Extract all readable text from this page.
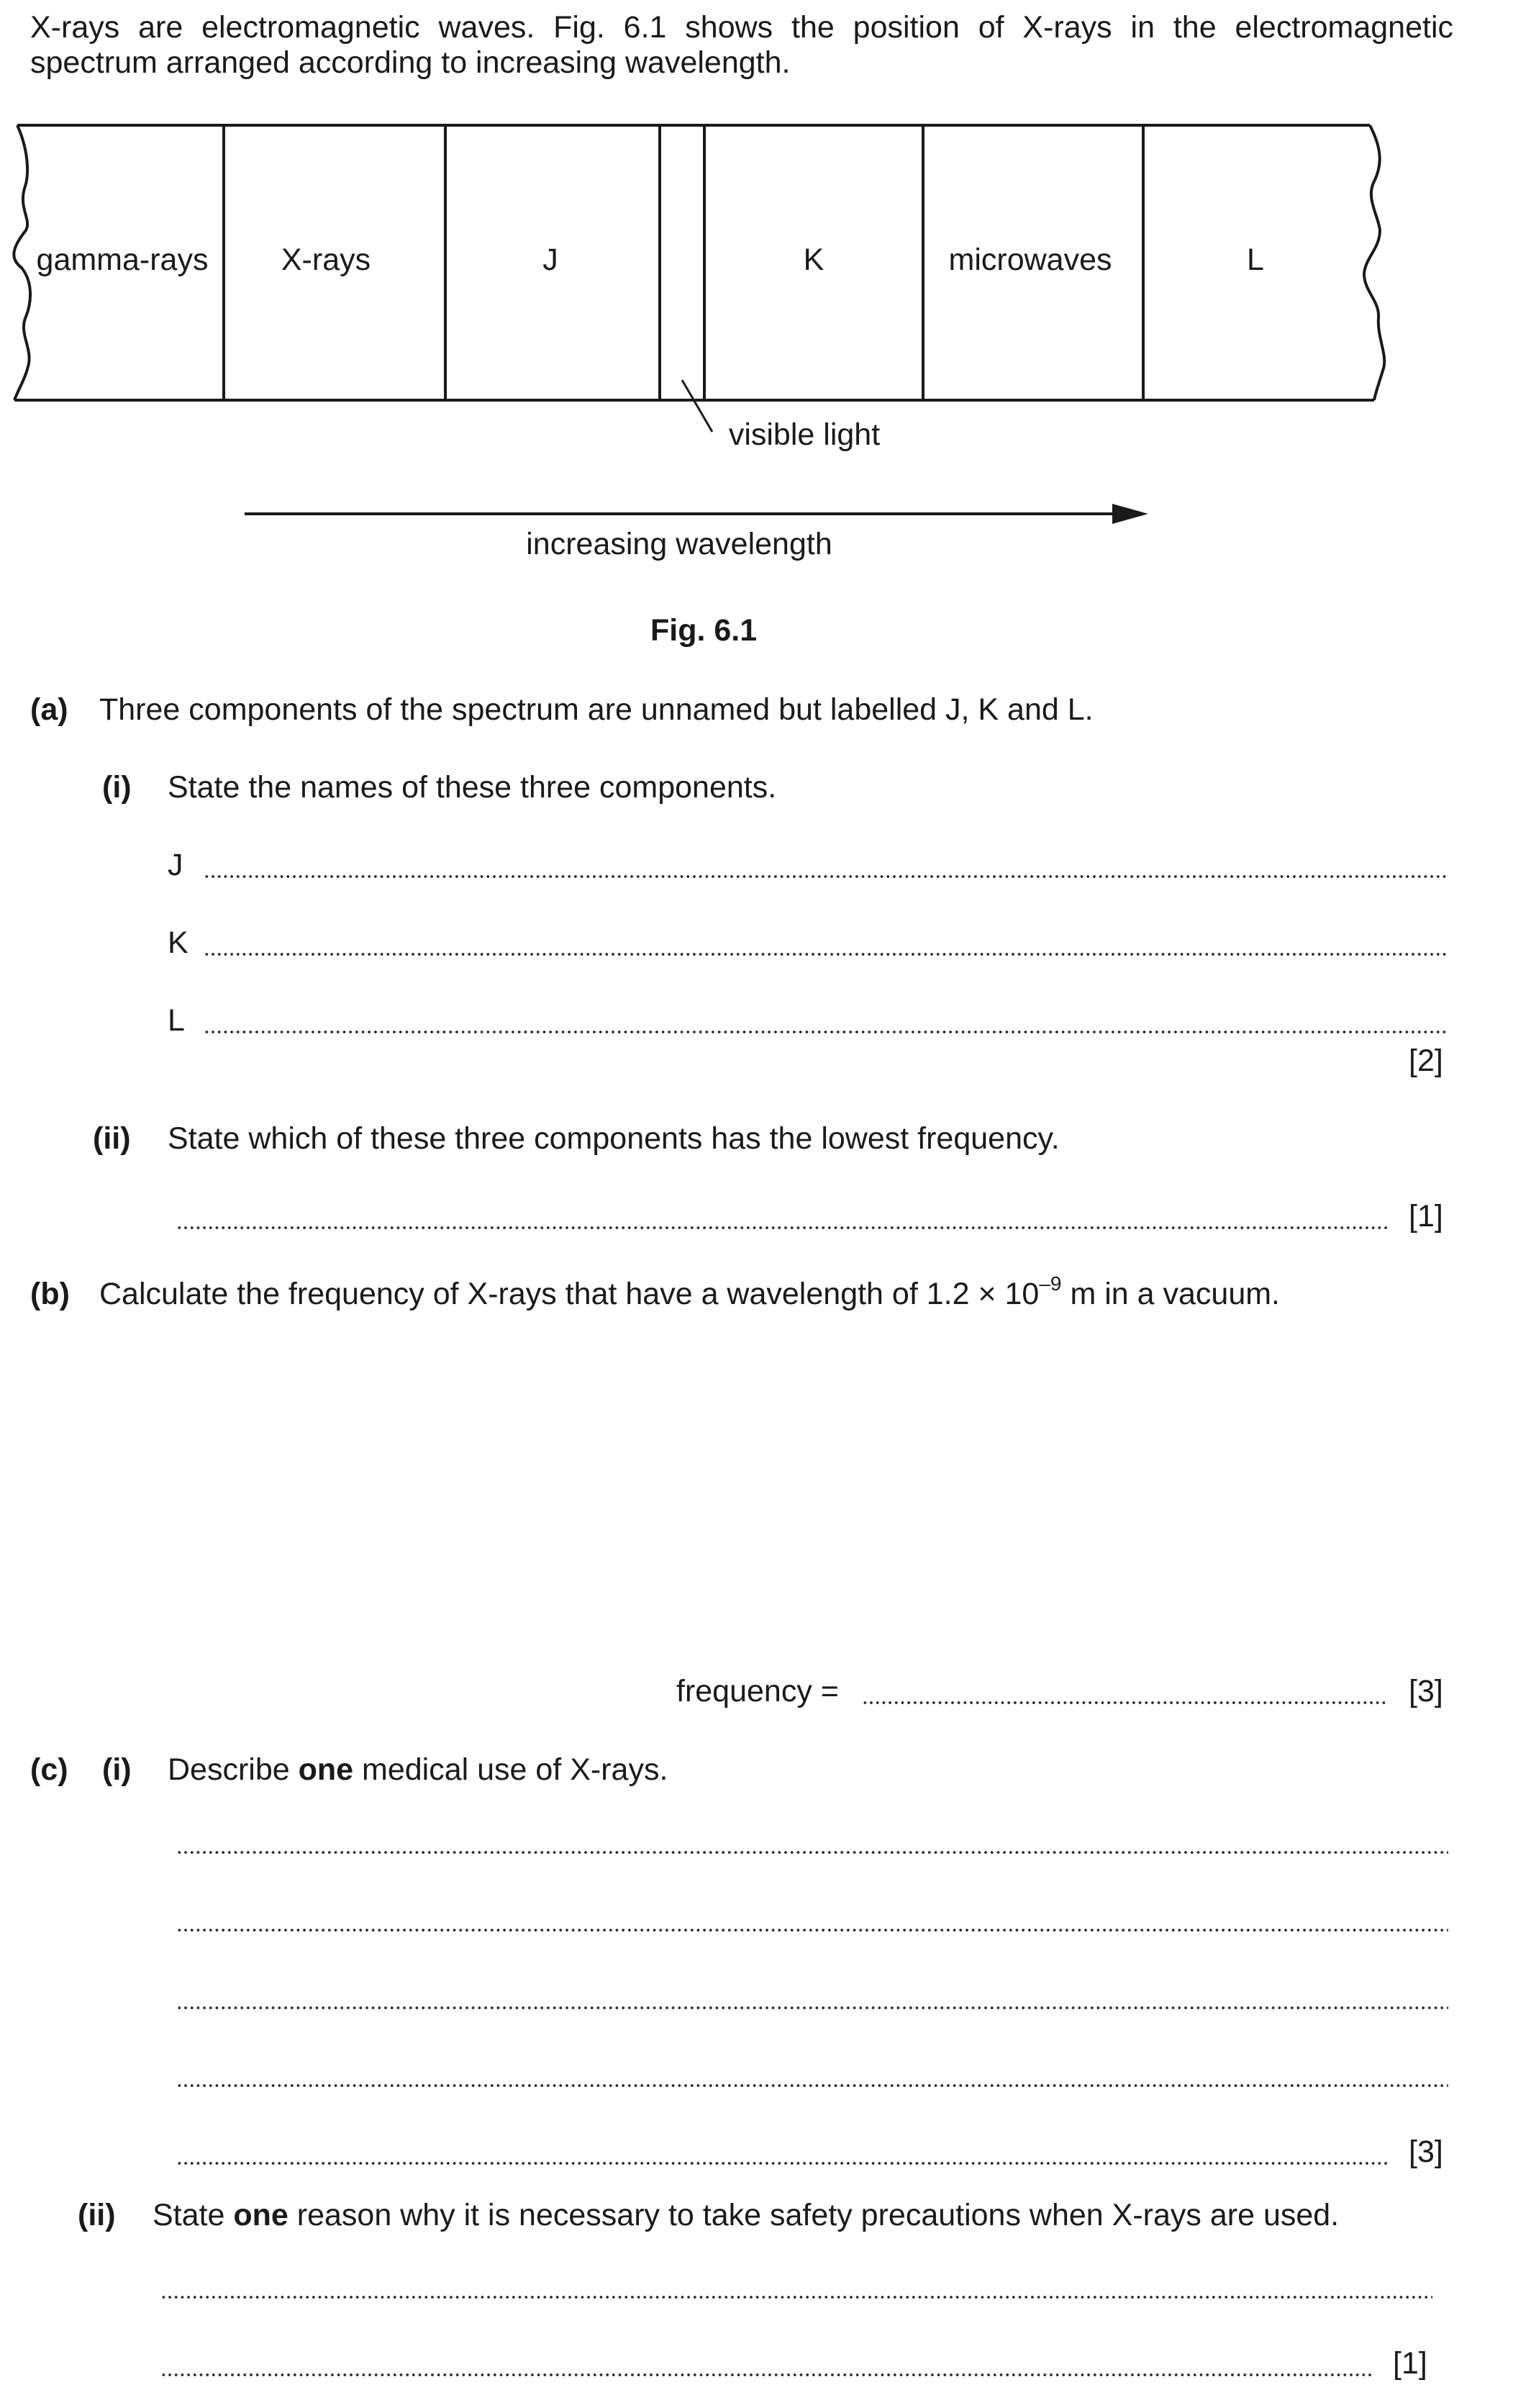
X-rays are electromagnetic waves. Fig. 6.1 shows the position of X-rays in the electromagnetic spectrum arranged according to increasing wavelength.
gamma-rays X-rays	J	K	microwaves	L
visible light
increasing wavelength
Fig. 6.1
(a) Three components of the spectrum are unnamed but labelled J, K and L.
(i) State the names of these three components.
J
K
L
[2]
(ii) State which of these three components has the lowest frequency.
[1]
(b) Calculate the frequency of X-rays that have a wavelength of $1.2 \times 10^{-9}$ m in a vacuum.
frequency =	[3]
(c) (i) Describe one medical use of X-rays.
[3]
(ii) State one reason why it is necessary to take safety precautions when X-rays are used.
[1]
